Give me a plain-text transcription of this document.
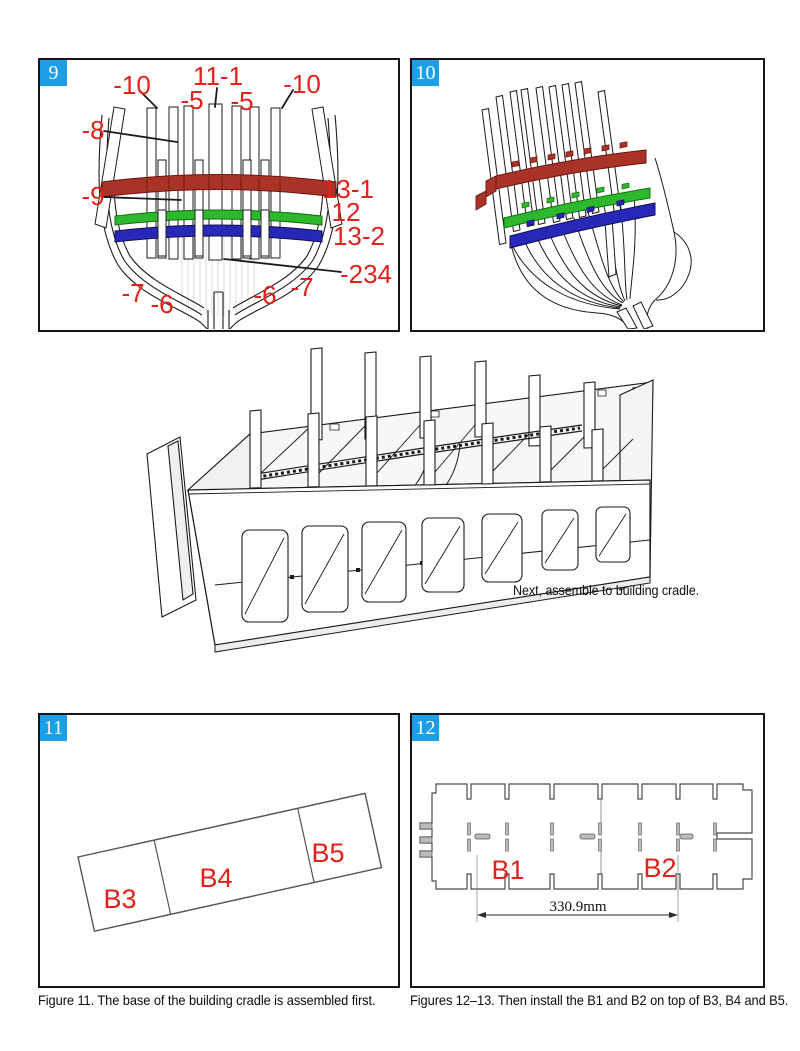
-10 -5
11-1
-5
-10
-8
-9	13-1
12
13-2
-234
-7 -6	-6 -7
9	10
Next, assemble to building cradle.
B3
B4
B5
11
330.9mm
B1	B2
12
Figure 11. The base of the building cradle is assembled first. Figures 12–13. Then install the B1 and B2 on top of B3, B4 and B5.
